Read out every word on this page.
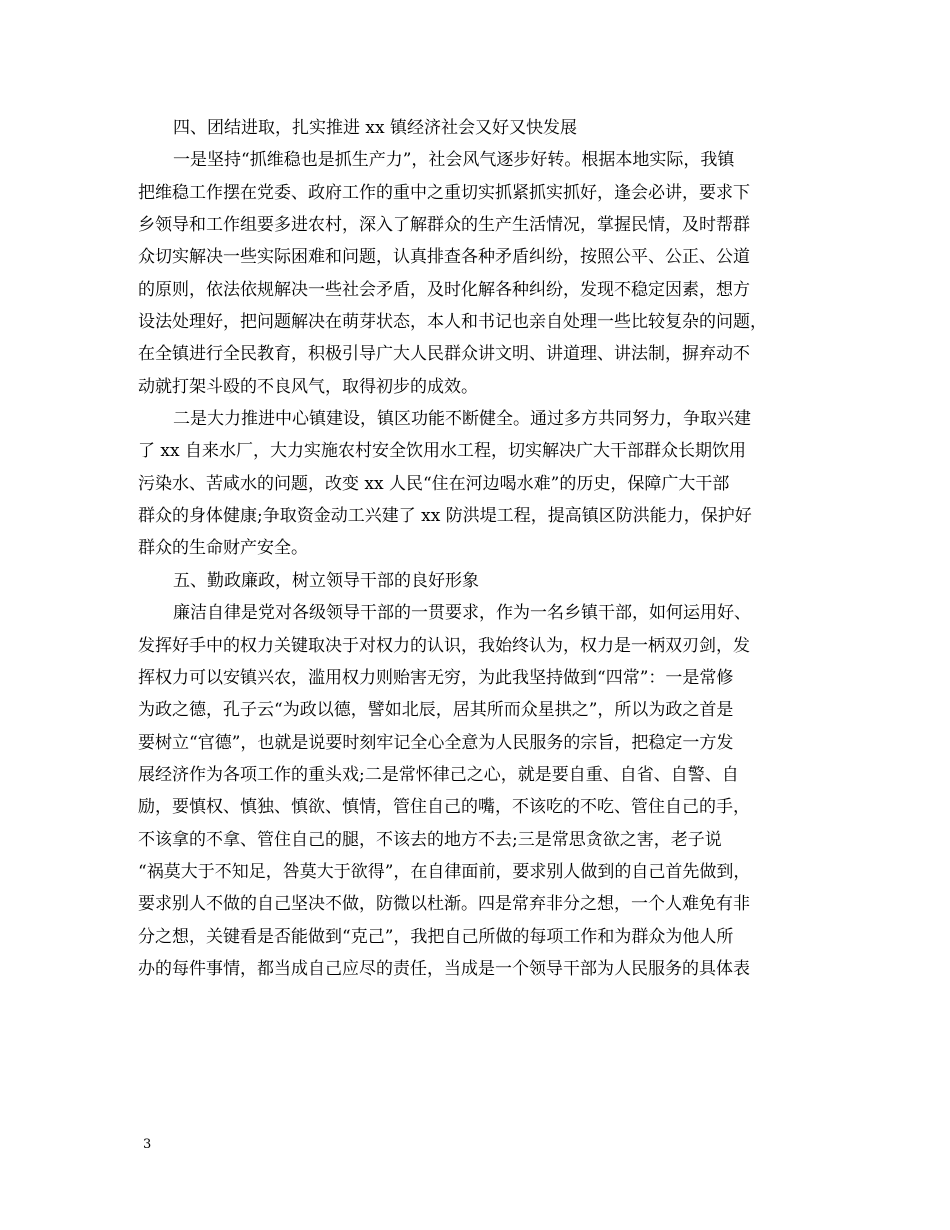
四、团结进取，扎实推进 xx 镇经济社会又好又快发展
一是坚持“抓维稳也是抓生产力”，社会风气逐步好转。根据本地实际，我镇
把维稳工作摆在党委、政府工作的重中之重切实抓紧抓实抓好，逢会必讲，要求下
乡领导和工作组要多进农村，深入了解群众的生产生活情况，掌握民情，及时帮群
众切实解决一些实际困难和问题，认真排查各种矛盾纠纷，按照公平、公正、公道
的原则，依法依规解决一些社会矛盾，及时化解各种纠纷，发现不稳定因素，想方
设法处理好，把问题解决在萌芽状态，本人和书记也亲自处理一些比较复杂的问题，
在全镇进行全民教育，积极引导广大人民群众讲文明、讲道理、讲法制，摒弃动不
动就打架斗殴的不良风气，取得初步的成效。
二是大力推进中心镇建设，镇区功能不断健全。通过多方共同努力，争取兴建
了 xx 自来水厂，大力实施农村安全饮用水工程，切实解决广大干部群众长期饮用
污染水、苦咸水的问题，改变 xx 人民“住在河边喝水难”的历史，保障广大干部
群众的身体健康;争取资金动工兴建了 xx 防洪堤工程，提高镇区防洪能力，保护好
群众的生命财产安全。
五、勤政廉政，树立领导干部的良好形象
廉洁自律是党对各级领导干部的一贯要求，作为一名乡镇干部，如何运用好、
发挥好手中的权力关键取决于对权力的认识，我始终认为，权力是一柄双刃剑，发
挥权力可以安镇兴农，滥用权力则贻害无穷，为此我坚持做到“四常”：一是常修
为政之德，孔子云“为政以德，譬如北辰，居其所而众星拱之”，所以为政之首是
要树立“官德”，也就是说要时刻牢记全心全意为人民服务的宗旨，把稳定一方发
展经济作为各项工作的重头戏;二是常怀律己之心，就是要自重、自省、自警、自
励，要慎权、慎独、慎欲、慎情，管住自己的嘴，不该吃的不吃、管住自己的手，
不该拿的不拿、管住自己的腿，不该去的地方不去;三是常思贪欲之害，老子说
“祸莫大于不知足，咎莫大于欲得”，在自律面前，要求别人做到的自己首先做到，
要求别人不做的自己坚决不做，防微以杜渐。四是常弃非分之想，一个人难免有非
分之想，关键看是否能做到“克己”，我把自己所做的每项工作和为群众为他人所
办的每件事情，都当成自己应尽的责任，当成是一个领导干部为人民服务的具体表
3
